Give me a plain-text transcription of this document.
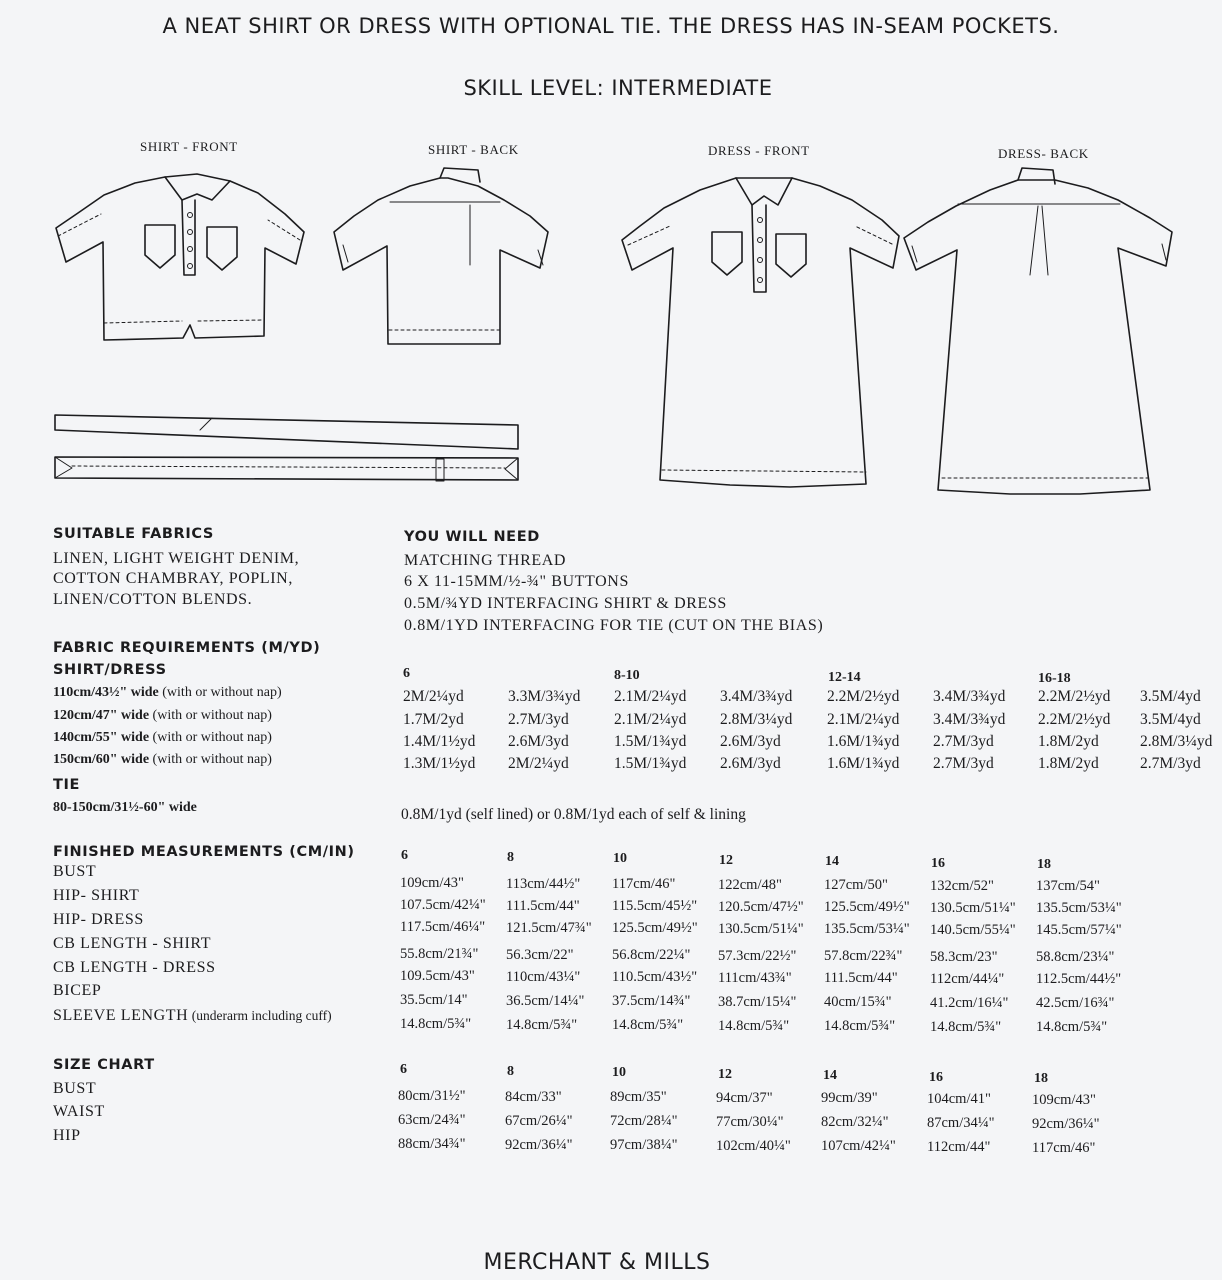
A NEAT SHIRT OR DRESS WITH OPTIONAL TIE. THE DRESS HAS IN-SEAM POCKETS.
SKILL LEVEL: INTERMEDIATE
SHIRT - FRONT	SHIRT - BACK	DRESS - FRONT	DRESS- BACK
SUITABLE FABRICS
LINEN, LIGHT WEIGHT DENIM,
COTTON CHAMBRAY, POPLIN,
LINEN/COTTON BLENDS.
YOU WILL NEED
MATCHING THREAD
6 X 11-15MM/½-¾" BUTTONS
0.5M/¾YD INTERFACING SHIRT & DRESS
0.8M/1YD INTERFACING FOR TIE (CUT ON THE BIAS)
FABRIC REQUIREMENTS (M/YD)
SHIRT/DRESS	6	8-10	12-14	16-18
110cm/43½" wide (with or without nap)	2M/2¼yd	3.3M/3¾yd 2.1M/2¼yd 3.4M/3¾yd 2.2M/2½yd 3.4M/3¾yd 2.2M/2½yd 3.5M/4yd
120cm/47" wide (with or without nap)	1.7M/2yd	2.7M/3yd	2.1M/2¼yd 2.8M/3¼yd 2.1M/2¼yd 3.4M/3¾yd 2.2M/2½yd 3.5M/4yd
140cm/55" wide (with or without nap)	1.4M/1½yd 2.6M/3yd	1.5M/1¾yd 2.6M/3yd	1.6M/1¾yd 2.7M/3yd	1.8M/2yd	2.8M/3¼yd
150cm/60" wide (with or without nap)	1.3M/1½yd 2M/2¼yd	1.5M/1¾yd 2.6M/3yd	1.6M/1¾yd 2.7M/3yd	1.8M/2yd	2.7M/3yd
TIE
80-150cm/31½-60" wide	0.8M/1yd (self lined) or 0.8M/1yd each of self & lining
FINISHED MEASUREMENTS (CM/IN)	6	8	10	12	14	16	18
BUST
109cm/43"	113cm/44½" 117cm/46"	122cm/48"	127cm/50"	132cm/52"	137cm/54"
HIP- SHIRT
107.5cm/42¼" 111.5cm/44" 115.5cm/45½" 120.5cm/47½" 125.5cm/49½" 130.5cm/51¼" 135.5cm/53¼"
HIP- DRESS	117.5cm/46¼" 121.5cm/47¾" 125.5cm/49½" 130.5cm/51¼" 135.5cm/53¼" 140.5cm/55¼" 145.5cm/57¼"
CB LENGTH - SHIRT
55.8cm/21¾" 56.3cm/22"	56.8cm/22¼" 57.3cm/22½" 57.8cm/22¾" 58.3cm/23"	58.8cm/23¼"
CB LENGTH - DRESS	109.5cm/43" 110cm/43¼" 110.5cm/43½" 111cm/43¾" 111.5cm/44" 112cm/44¼" 112.5cm/44½"
BICEP
35.5cm/14"	36.5cm/14¼" 37.5cm/14¾" 38.7cm/15¼" 40cm/15¾"	41.2cm/16¼" 42.5cm/16¾"
SLEEVE LENGTH (underarm including cuff)
14.8cm/5¾" 14.8cm/5¾" 14.8cm/5¾" 14.8cm/5¾" 14.8cm/5¾" 14.8cm/5¾" 14.8cm/5¾"
SIZE CHART	6	8	10	12	14	16	18
BUST	80cm/31½"	84cm/33"	89cm/35"	94cm/37"	99cm/39"	104cm/41"	109cm/43"
WAIST	63cm/24¾"	67cm/26¼"	72cm/28¼"	77cm/30¼"	82cm/32¼"	87cm/34¼"	92cm/36¼"
HIP	88cm/34¾"	92cm/36¼"	97cm/38¼"	102cm/40¼" 107cm/42¼" 112cm/44"	117cm/46"
MERCHANT & MILLS
